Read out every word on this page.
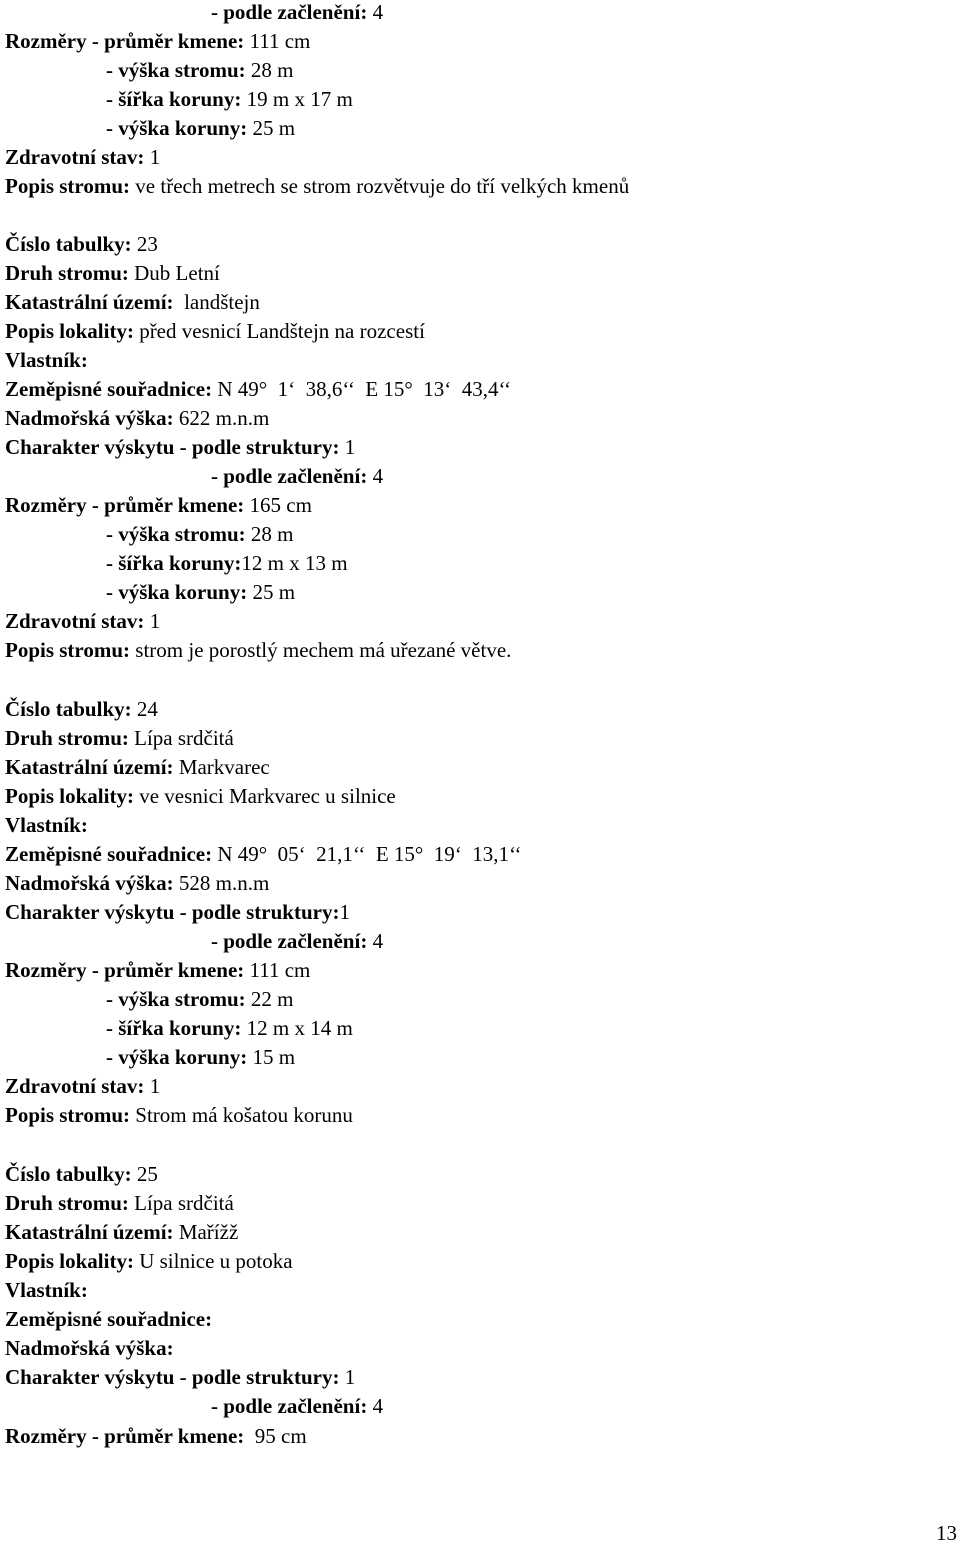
- podle začlenění: 4
Rozměry - průměr kmene: 111 cm
- výška stromu: 28 m
- šířka koruny: 19 m x 17 m
- výška koruny: 25 m
Zdravotní stav: 1
Popis stromu: ve třech metrech se strom rozvětvuje do tří velkých kmenů
Číslo tabulky: 23
Druh stromu: Dub Letní
Katastrální území:  landštejn
Popis lokality: před vesnicí Landštejn na rozcestí
Vlastník:
Zeměpisné souřadnice: N 49°  1‘  38,6‘‘  E 15°  13‘  43,4‘‘
Nadmořská výška: 622 m.n.m
Charakter výskytu - podle struktury: 1
- podle začlenění: 4
Rozměry - průměr kmene: 165 cm
- výška stromu: 28 m
- šířka koruny:12 m x 13 m
- výška koruny: 25 m
Zdravotní stav: 1
Popis stromu: strom je porostlý mechem má uřezané větve.
Číslo tabulky: 24
Druh stromu: Lípa srdčitá
Katastrální území: Markvarec
Popis lokality: ve vesnici Markvarec u silnice
Vlastník:
Zeměpisné souřadnice: N 49°  05‘  21,1‘‘  E 15°  19‘  13,1‘‘
Nadmořská výška: 528 m.n.m
Charakter výskytu - podle struktury:1
- podle začlenění: 4
Rozměry - průměr kmene: 111 cm
- výška stromu: 22 m
- šířka koruny: 12 m x 14 m
- výška koruny: 15 m
Zdravotní stav: 1
Popis stromu: Strom má košatou korunu
Číslo tabulky: 25
Druh stromu: Lípa srdčitá
Katastrální území: Mařížž
Popis lokality: U silnice u potoka
Vlastník:
Zeměpisné souřadnice:
Nadmořská výška:
Charakter výskytu - podle struktury: 1
- podle začlenění: 4
Rozměry - průměr kmene:  95 cm
13
